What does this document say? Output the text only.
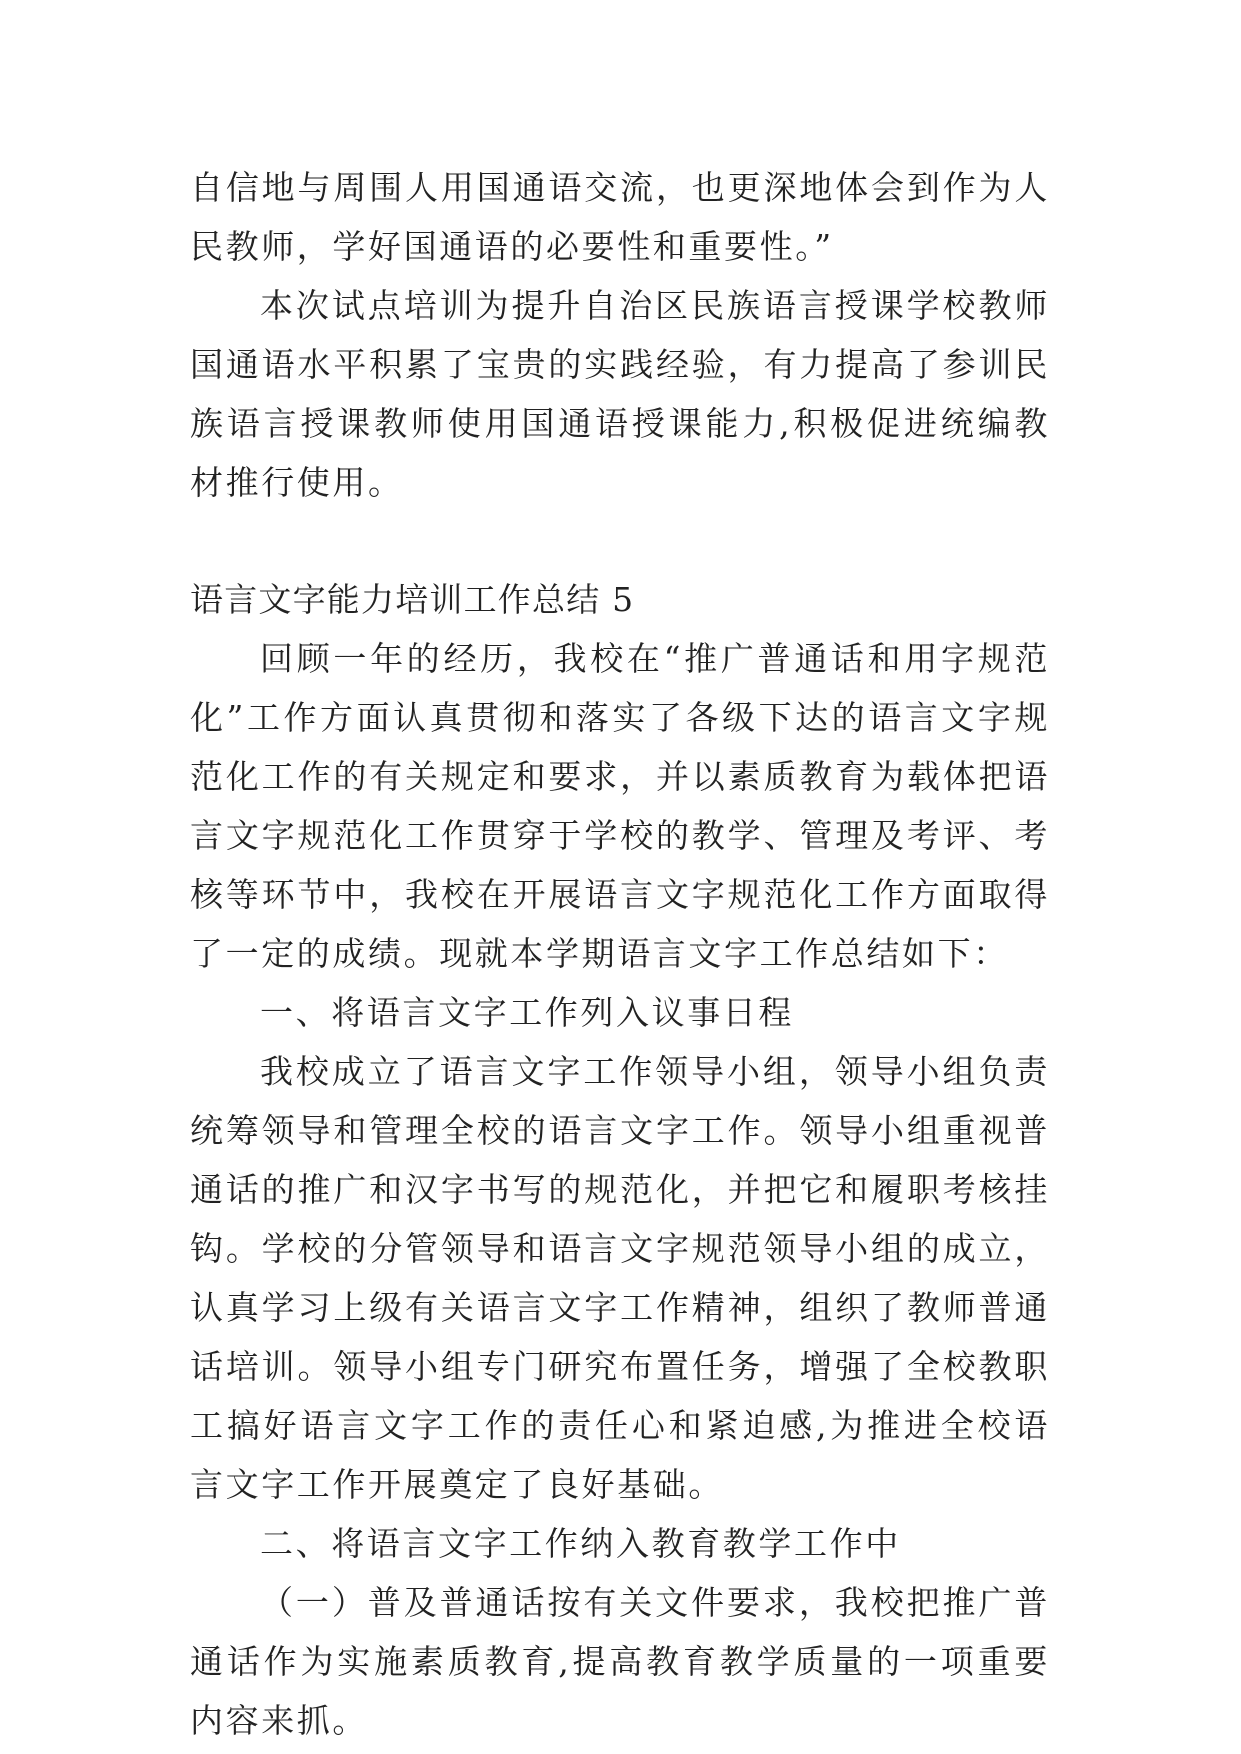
自信地与周围人用国通语交流，也更深地体会到作为人民教师，学好国通语的必要性和重要性。”

本次试点培训为提升自治区民族语言授课学校教师国通语水平积累了宝贵的实践经验，有力提高了参训民族语言授课教师使用国通语授课能力,积极促进统编教材推行使用。

语言文字能力培训工作总结 5

回顾一年的经历，我校在“推广普通话和用字规范化”工作方面认真贯彻和落实了各级下达的语言文字规范化工作的有关规定和要求，并以素质教育为载体把语言文字规范化工作贯穿于学校的教学、管理及考评、考核等环节中，我校在开展语言文字规范化工作方面取得了一定的成绩。现就本学期语言文字工作总结如下：

一、将语言文字工作列入议事日程

我校成立了语言文字工作领导小组，领导小组负责统筹领导和管理全校的语言文字工作。领导小组重视普通话的推广和汉字书写的规范化，并把它和履职考核挂钩。学校的分管领导和语言文字规范领导小组的成立，认真学习上级有关语言文字工作精神，组织了教师普通话培训。领导小组专门研究布置任务，增强了全校教职工搞好语言文字工作的责任心和紧迫感,为推进全校语言文字工作开展奠定了良好基础。

二、将语言文字工作纳入教育教学工作中

（一）普及普通话按有关文件要求，我校把推广普通话作为实施素质教育,提高教育教学质量的一项重要内容来抓。
